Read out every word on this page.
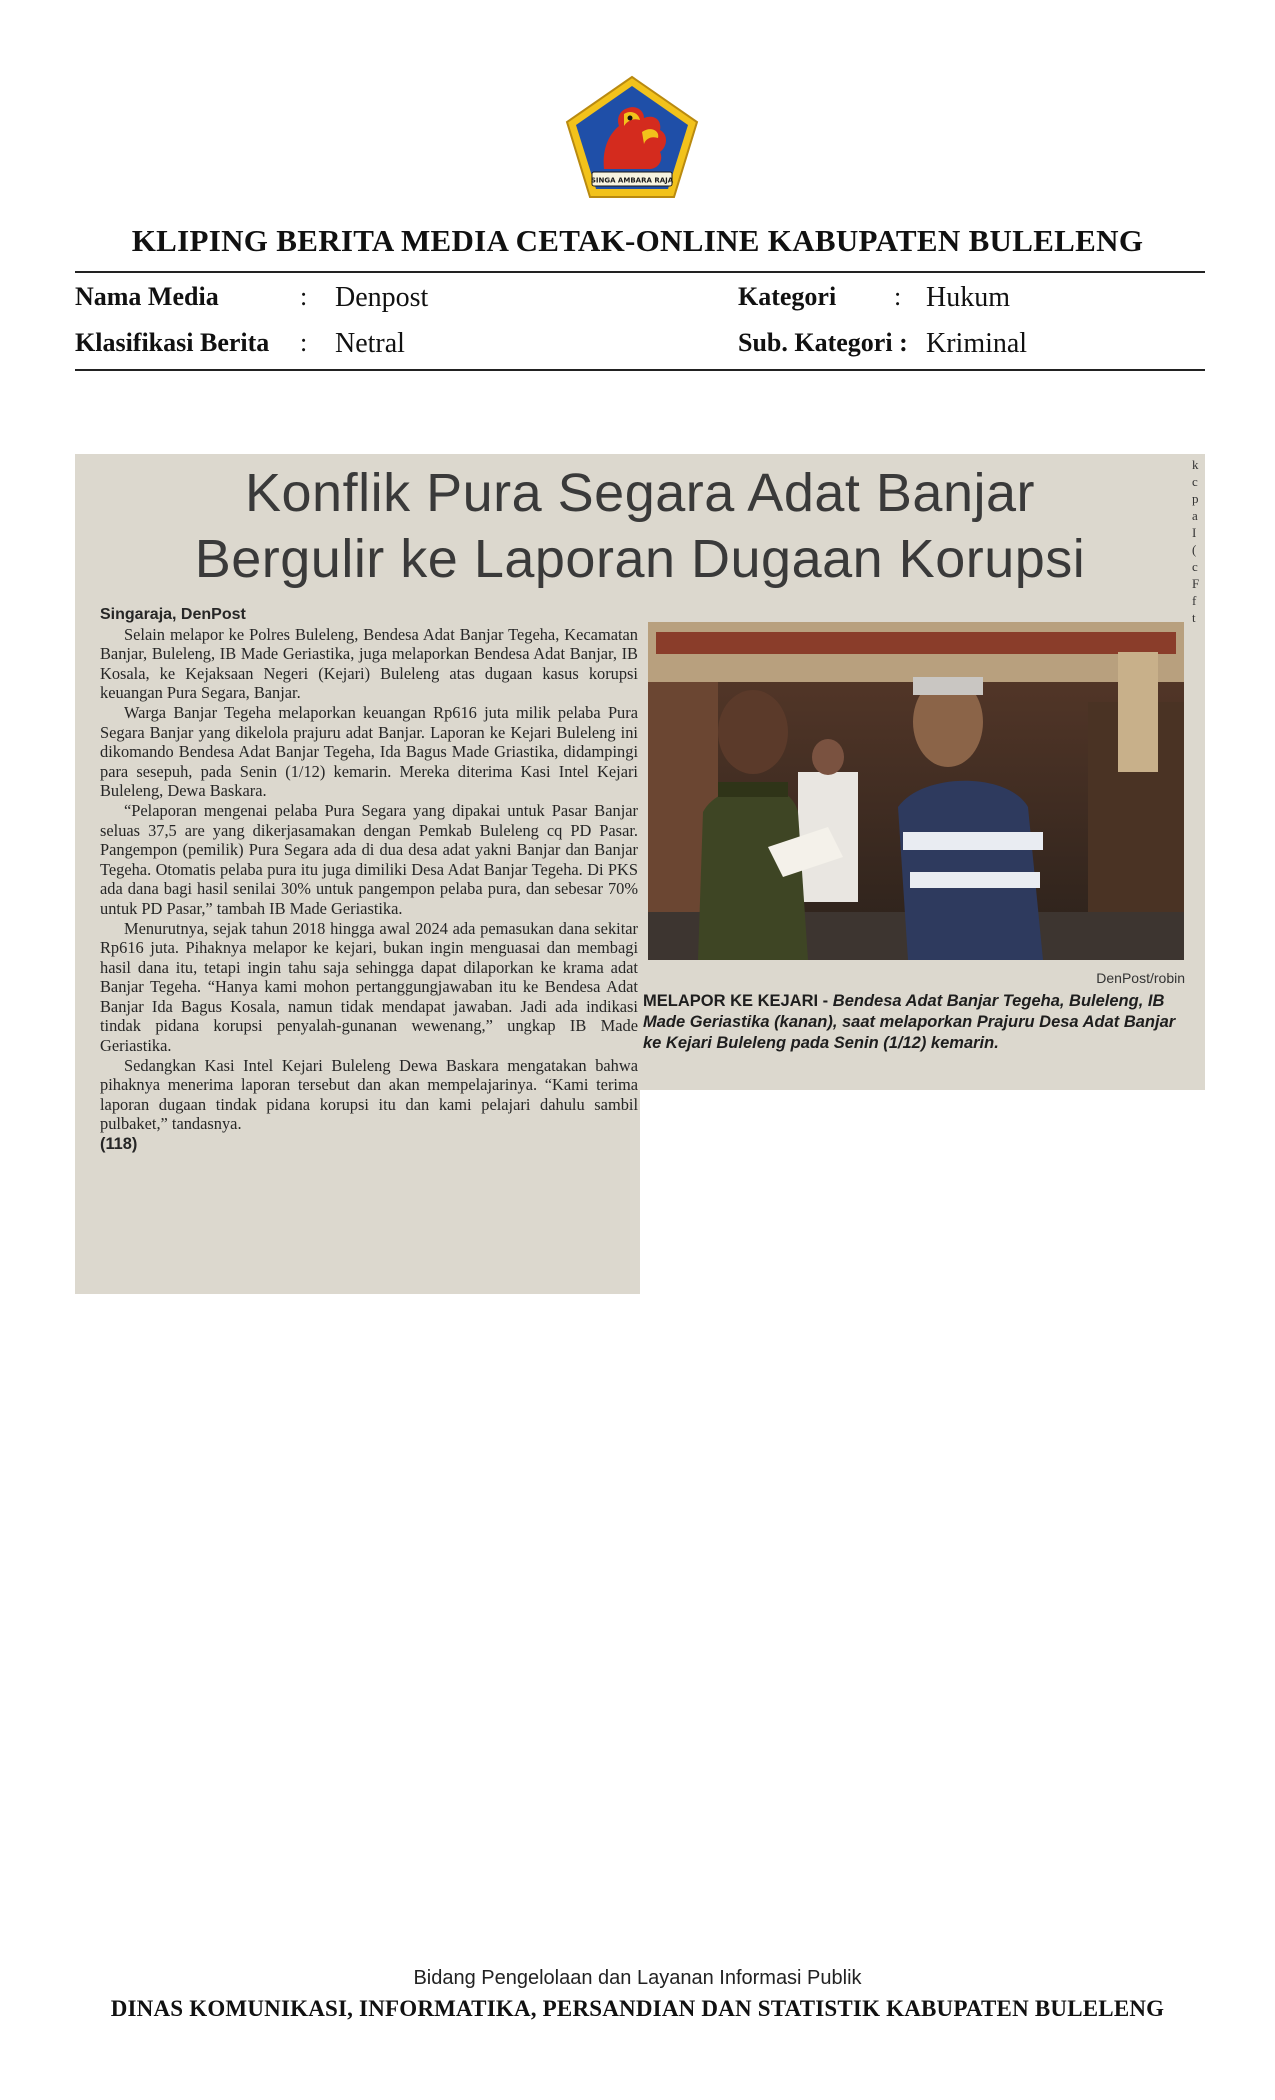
SINGA AMBARA RAJA
KLIPING BERITA MEDIA CETAK-ONLINE KABUPATEN BULELENG
Nama Media	: Denpost	Kategori : Hukum
Klasifikasi Berita : Netral	Sub. Kategori : Kriminal
Konflik Pura Segara Adat Banjar
Bergulir ke Laporan Dugaan Korupsi
k
c
p
a
I
(
c
F
f
t
Singaraja, DenPost

Selain melapor ke Polres Buleleng, Bendesa Adat Banjar Tegeha, Kecamatan Banjar, Buleleng, IB Made Geriastika, juga melaporkan Bendesa Adat Banjar, IB Kosala, ke Kejaksaan Negeri (Kejari) Buleleng atas dugaan kasus korupsi keuangan Pura Segara, Banjar.

Warga Banjar Tegeha melaporkan keuangan Rp616 juta milik pelaba Pura Segara Banjar yang dikelola prajuru adat Banjar. Laporan ke Kejari Buleleng ini dikomando Bendesa Adat Banjar Tegeha, Ida Bagus Made Griastika, didampingi para sesepuh, pada Senin (1/12) kemarin. Mereka diterima Kasi Intel Kejari Buleleng, Dewa Baskara.

“Pelaporan mengenai pelaba Pura Segara yang dipakai untuk Pasar Banjar seluas 37,5 are yang dikerjasamakan dengan Pemkab Buleleng cq PD Pasar. Pangempon (pemilik) Pura Segara ada di dua desa adat yakni Banjar dan Banjar Tegeha. Otomatis pelaba pura itu juga dimiliki Desa Adat Banjar Tegeha. Di PKS ada dana bagi hasil senilai 30% untuk pangempon pelaba pura, dan sebesar 70% untuk PD Pasar,” tambah IB Made Geriastika.

Menurutnya, sejak tahun 2018 hingga awal 2024 ada pemasukan dana sekitar Rp616 juta. Pihaknya melapor ke kejari, bukan ingin menguasai dan membagi hasil dana itu, tetapi ingin tahu saja sehingga dapat dilaporkan ke krama adat Banjar Tegeha. “Hanya kami mohon pertanggungjawaban itu ke Bendesa Adat Banjar Ida Bagus Kosala, namun tidak mendapat jawaban. Jadi ada indikasi tindak pidana korupsi penyalah-gunanan wewenang,” ungkap IB Made Geriastika.

Sedangkan Kasi Intel Kejari Buleleng Dewa Baskara mengatakan bahwa pihaknya menerima laporan tersebut dan akan mempelajarinya. “Kami terima laporan dugaan tindak pidana korupsi itu dan kami pelajari dahulu sambil pulbaket,” tandasnya.

(118)
DenPost/robin
MELAPOR KE KEJARI - Bendesa Adat Banjar Tegeha, Buleleng, IB Made Geriastika (kanan), saat melaporkan Prajuru Desa Adat Banjar ke Kejari Buleleng pada Senin (1/12) kemarin.
Bidang Pengelolaan dan Layanan Informasi Publik
DINAS KOMUNIKASI, INFORMATIKA, PERSANDIAN DAN STATISTIK KABUPATEN BULELENG
